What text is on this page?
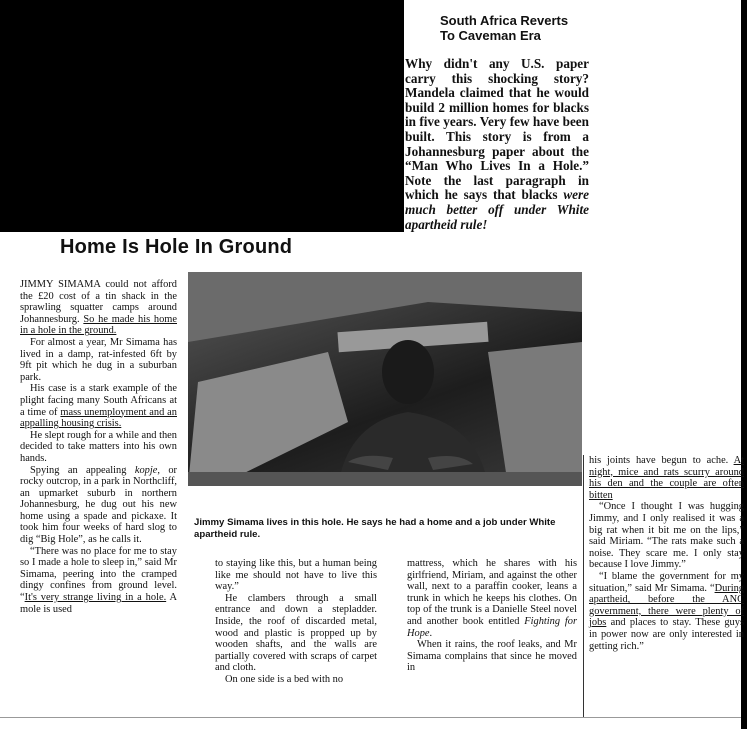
South Africa Reverts
To Caveman Era
Why didn't any U.S. paper carry this shocking story? Mandela claimed that he would build 2 million homes for blacks in five years. Very few have been built. This story is from a Johannesburg paper about the “Man Who Lives In a Hole.” Note the last paragraph in which he says that blacks were much better off under White apartheid rule!
Home Is Hole In Ground
Jimmy Simama lives in this hole. He says he had a home and a job under White apartheid rule.

JIMMY SIMAMA could not afford the £20 cost of a tin shack in the sprawling squatter camps around Johannesburg. So he made his home in a hole in the ground.

For almost a year, Mr Simama has lived in a damp, rat-infested 6ft by 9ft pit which he dug in a suburban park.

His case is a stark example of the plight facing many South Africans at a time of mass unemployment and an appalling housing crisis.

He slept rough for a while and then decided to take matters into his own hands.

Spying an appealing kopje, or rocky outcrop, in a park in Northcliff, an upmarket suburb in northern Johannesburg, he dug out his new home using a spade and pickaxe. It took him four weeks of hard slog to dig “Big Hole”, as he calls it.

“There was no place for me to stay so I made a hole to sleep in,” said Mr Simama, peering into the cramped dingy confines from ground level. “It's very strange living in a hole. A mole is used

to staying like this, but a human being like me should not have to live this way.”

He clambers through a small entrance and down a stepladder. Inside, the roof of discarded metal, wood and plastic is propped up by wooden shafts, and the walls are partially covered with scraps of carpet and cloth.

On one side is a bed with no

mattress, which he shares with his girlfriend, Miriam, and against the other wall, next to a paraffin cooker, leans a trunk in which he keeps his clothes. On top of the trunk is a Danielle Steel novel and another book entitled Fighting for Hope.

When it rains, the roof leaks, and Mr Simama complains that since he moved in

his joints have begun to ache. At night, mice and rats scurry around his den and the couple are often bitten

“Once I thought I was hugging Jimmy, and I only realised it was a big rat when it bit me on the lips,” said Miriam. “The rats make such a noise. They scare me. I only stay because I love Jimmy.”

“I blame the government for my situation,” said Mr Simama. “During apartheid, before the ANC government, there were plenty of jobs and places to stay. These guys in power now are only interested in getting rich.”
